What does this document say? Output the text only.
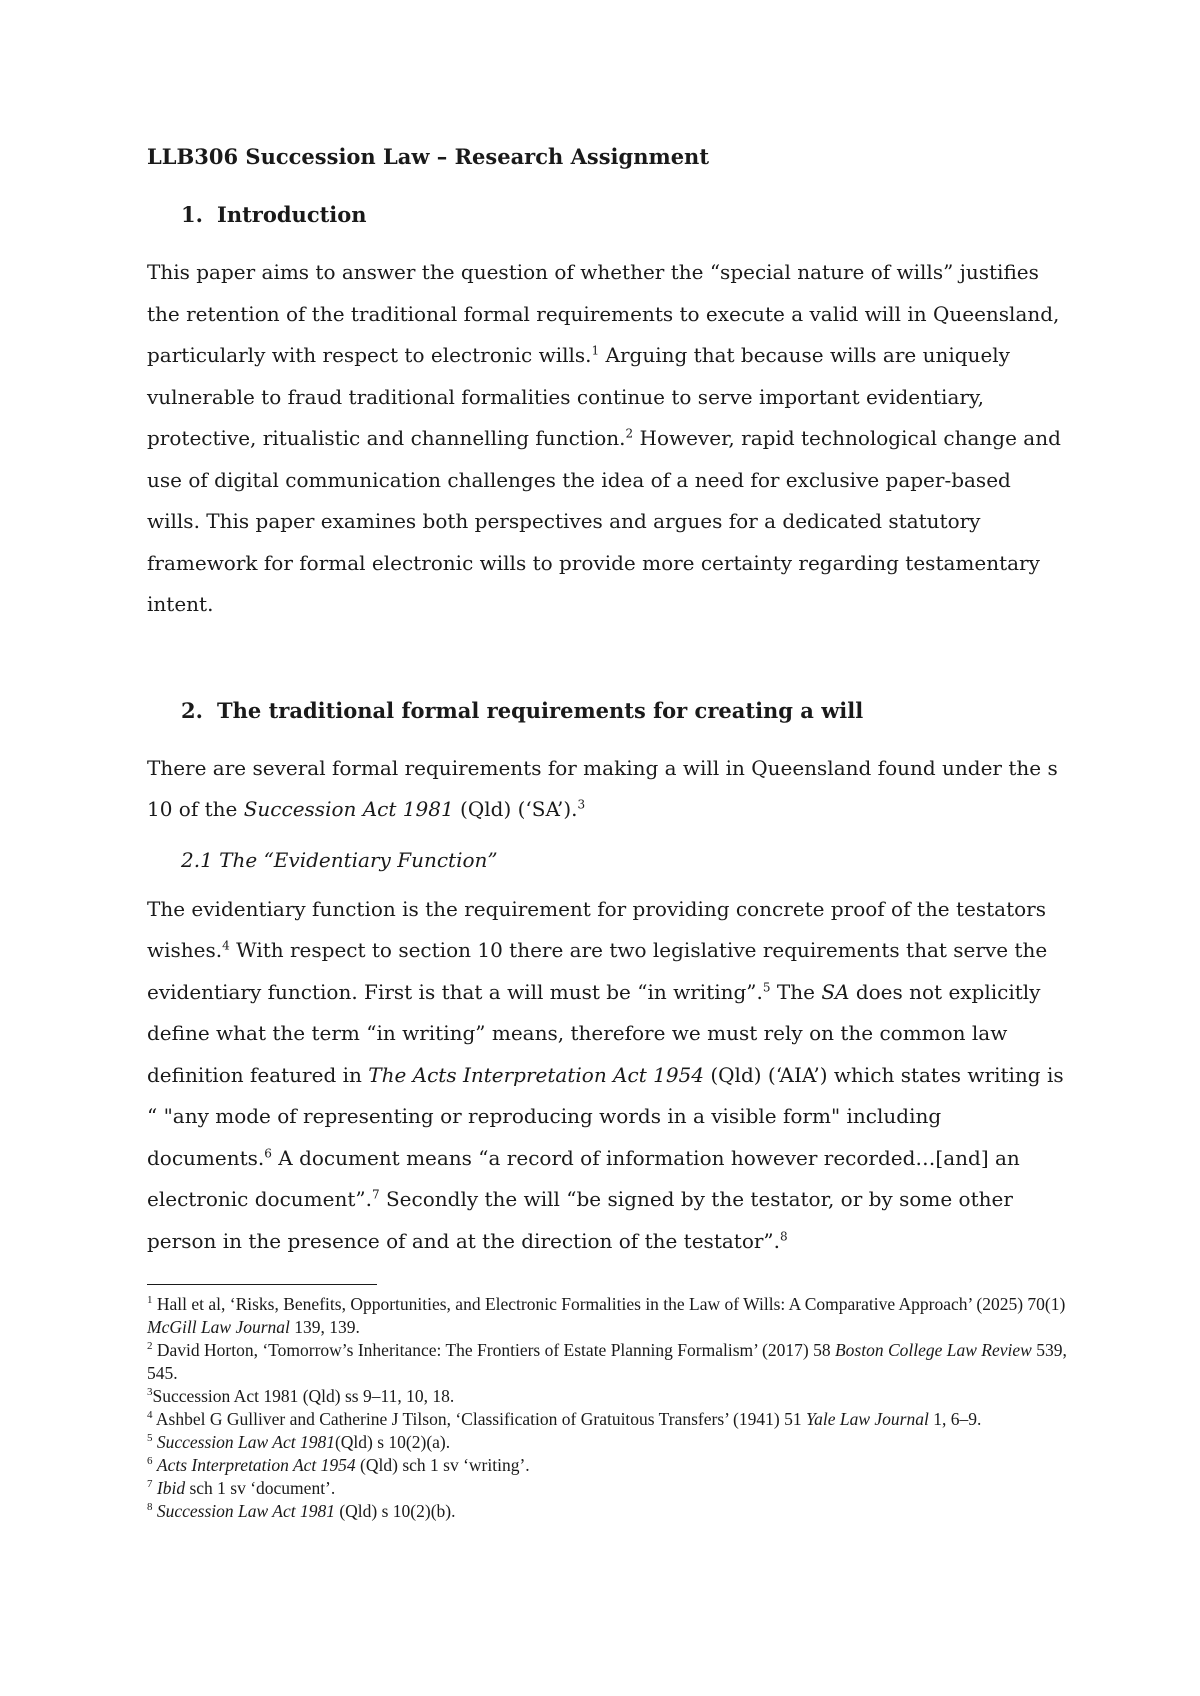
LLB306 Succession Law – Research Assignment

1. Introduction

This paper aims to answer the question of whether the “special nature of wills” justifies the retention of the traditional formal requirements to execute a valid will in Queensland, particularly with respect to electronic wills.$^1$ Arguing that because wills are uniquely vulnerable to fraud traditional formalities continue to serve important evidentiary, protective, ritualistic and channelling function.$^2$ However, rapid technological change and use of digital communication challenges the idea of a need for exclusive paper-based wills. This paper examines both perspectives and argues for a dedicated statutory framework for formal electronic wills to provide more certainty regarding testamentary intent.

2. The traditional formal requirements for creating a will

There are several formal requirements for making a will in Queensland found under the s 10 of the Succession Act 1981 (Qld) (‘SA’).$^3$

2.1 The “Evidentiary Function”

The evidentiary function is the requirement for providing concrete proof of the testators wishes.$^4$ With respect to section 10 there are two legislative requirements that serve the evidentiary function. First is that a will must be “in writing”.$^5$ The SA does not explicitly define what the term “in writing” means, therefore we must rely on the common law definition featured in The Acts Interpretation Act 1954 (Qld) (‘AIA’) which states writing is “ "any mode of representing or reproducing words in a visible form" including documents.$^6$ A document means “a record of information however recorded…[and] an electronic document”.$^7$ Secondly the will “be signed by the testator, or by some other person in the presence of and at the direction of the testator”.$^8$

$^1$ Hall et al, ‘Risks, Benefits, Opportunities, and Electronic Formalities in the Law of Wills: A Comparative Approach’ (2025) 70(1) McGill Law Journal 139, 139.

$^2$ David Horton, ‘Tomorrow’s Inheritance: The Frontiers of Estate Planning Formalism’ (2017) 58 Boston College Law Review 539, 545.

$^3$Succession Act 1981 (Qld) ss 9–11, 10, 18.

$^4$ Ashbel G Gulliver and Catherine J Tilson, ‘Classification of Gratuitous Transfers’ (1941) 51 Yale Law Journal 1, 6–9.

$^5$ Succession Law Act 1981(Qld) s 10(2)(a).

$^6$ Acts Interpretation Act 1954 (Qld) sch 1 sv ‘writing’.

$^7$ Ibid sch 1 sv ‘document’.

$^8$ Succession Law Act 1981 (Qld) s 10(2)(b).
